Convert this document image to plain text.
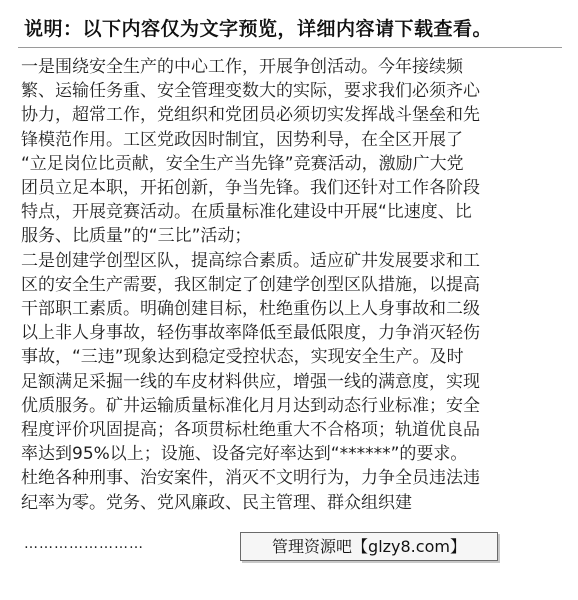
说明：以下内容仅为文字预览，详细内容请下载查看。
一是围绕安全生产的中心工作，开展争创活动。今年接续频
繁、运输任务重、安全管理变数大的实际，要求我们必须齐心
协力，超常工作，党组织和党团员必须切实发挥战斗堡垒和先
锋模范作用。工区党政因时制宜，因势利导，在全区开展了
“立足岗位比贡献，安全生产当先锋”竞赛活动，激励广大党
团员立足本职，开拓创新，争当先锋。我们还针对工作各阶段
特点，开展竞赛活动。在质量标准化建设中开展“比速度、比
服务、比质量”的“三比”活动；
二是创建学创型区队，提高综合素质。适应矿井发展要求和工
区的安全生产需要，我区制定了创建学创型区队措施，以提高
干部职工素质。明确创建目标，杜绝重伤以上人身事故和二级
以上非人身事故，轻伤事故率降低至最低限度，力争消灭轻伤
事故，“三违”现象达到稳定受控状态，实现安全生产。及时
足额满足采掘一线的车皮材料供应，增强一线的满意度，实现
优质服务。矿井运输质量标准化月月达到动态行业标准；安全
程度评价巩固提高；各项贯标杜绝重大不合格项；轨道优良品
率达到95%以上；设施、设备完好率达到“******”的要求。
杜绝各种刑事、治安案件，消灭不文明行为，力争全员违法违
纪率为零。党务、党风廉政、民主管理、群众组织建
……………………	管理资源吧【glzy8.com】
